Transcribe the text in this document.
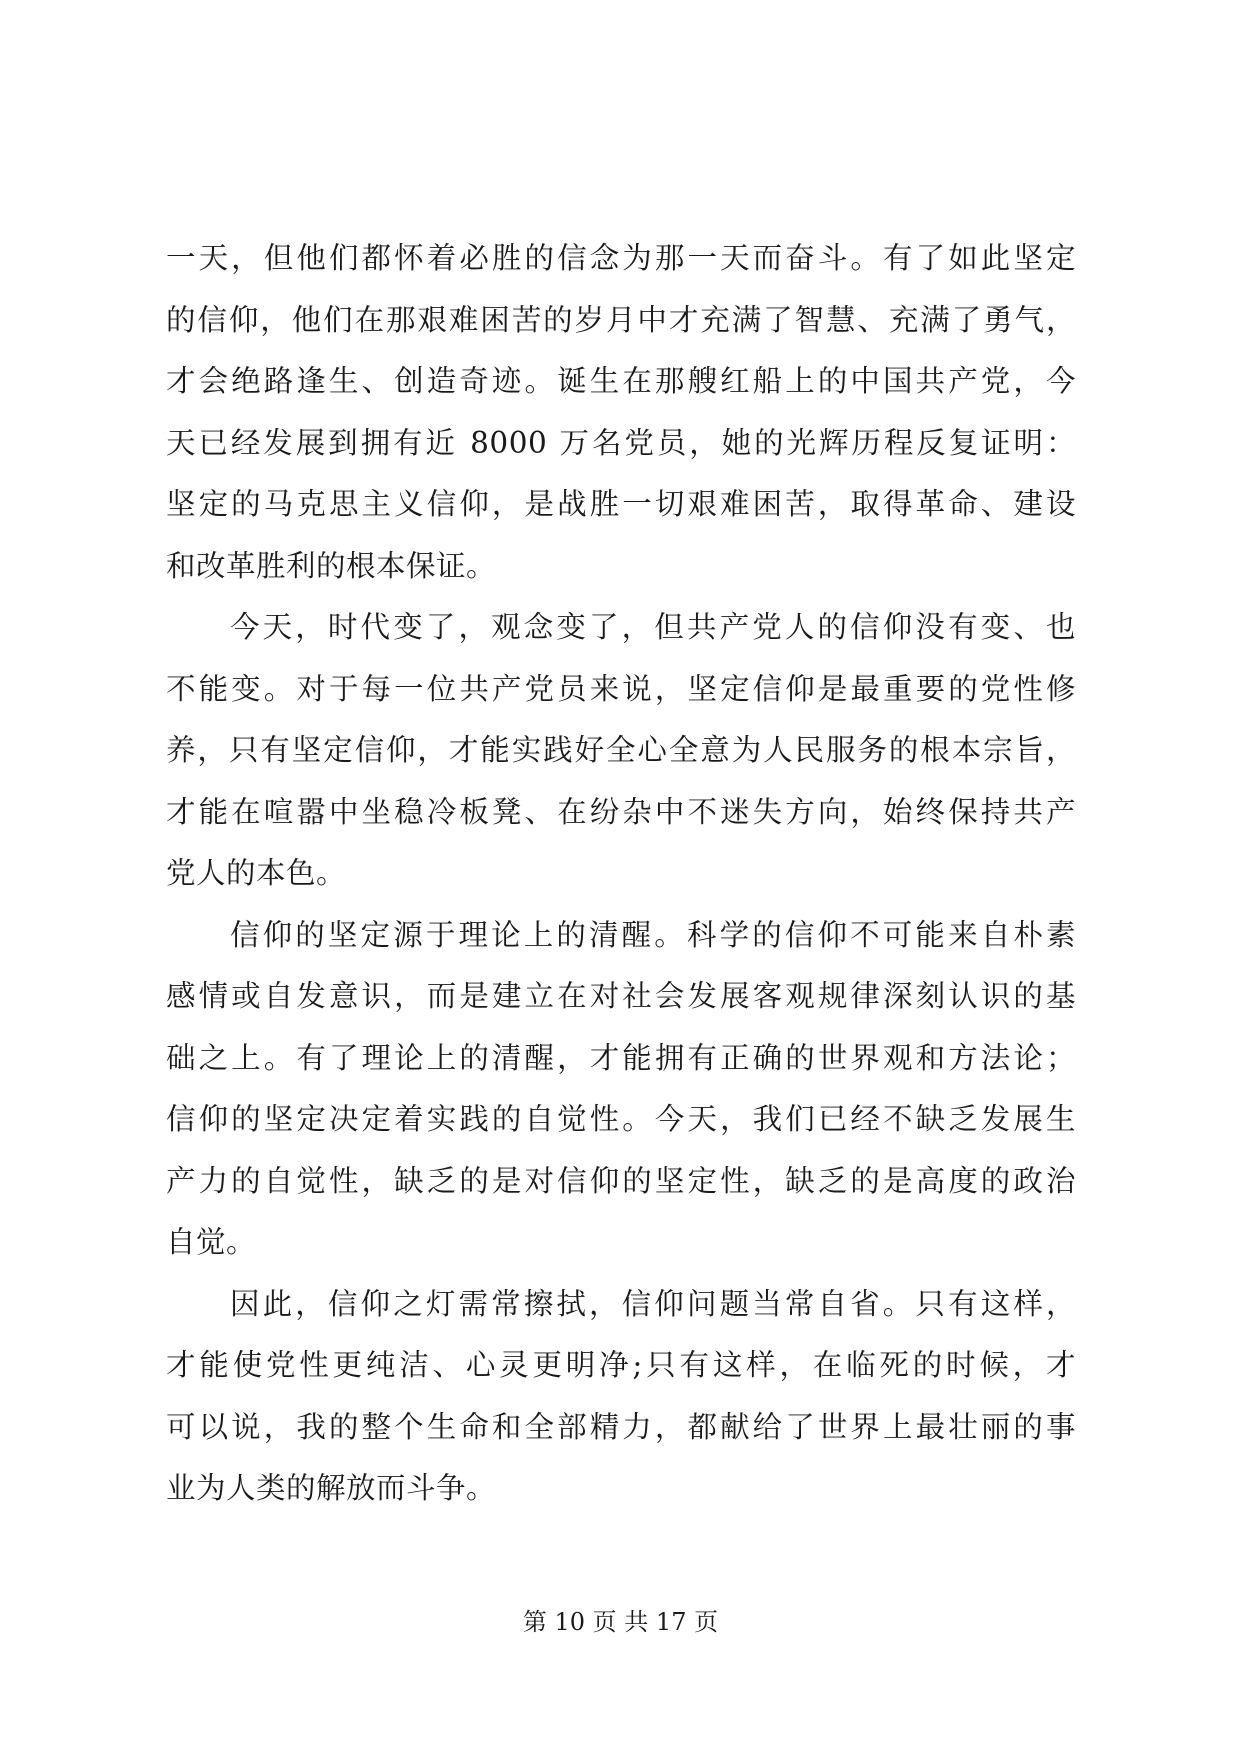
一天，但他们都怀着必胜的信念为那一天而奋斗。有了如此坚定
的信仰，他们在那艰难困苦的岁月中才充满了智慧、充满了勇气，
才会绝路逢生、创造奇迹。诞生在那艘红船上的中国共产党，今
天已经发展到拥有近 8000 万名党员，她的光辉历程反复证明：
坚定的马克思主义信仰，是战胜一切艰难困苦，取得革命、建设
和改革胜利的根本保证。
今天，时代变了，观念变了，但共产党人的信仰没有变、也
不能变。对于每一位共产党员来说，坚定信仰是最重要的党性修
养，只有坚定信仰，才能实践好全心全意为人民服务的根本宗旨，
才能在喧嚣中坐稳冷板凳、在纷杂中不迷失方向，始终保持共产
党人的本色。
信仰的坚定源于理论上的清醒。科学的信仰不可能来自朴素
感情或自发意识，而是建立在对社会发展客观规律深刻认识的基
础之上。有了理论上的清醒，才能拥有正确的世界观和方法论；
信仰的坚定决定着实践的自觉性。今天，我们已经不缺乏发展生
产力的自觉性，缺乏的是对信仰的坚定性，缺乏的是高度的政治
自觉。
因此，信仰之灯需常擦拭，信仰问题当常自省。只有这样，
才能使党性更纯洁、心灵更明净;只有这样，在临死的时候，才
可以说，我的整个生命和全部精力，都献给了世界上最壮丽的事
业为人类的解放而斗争。
第 10 页 共 17 页
